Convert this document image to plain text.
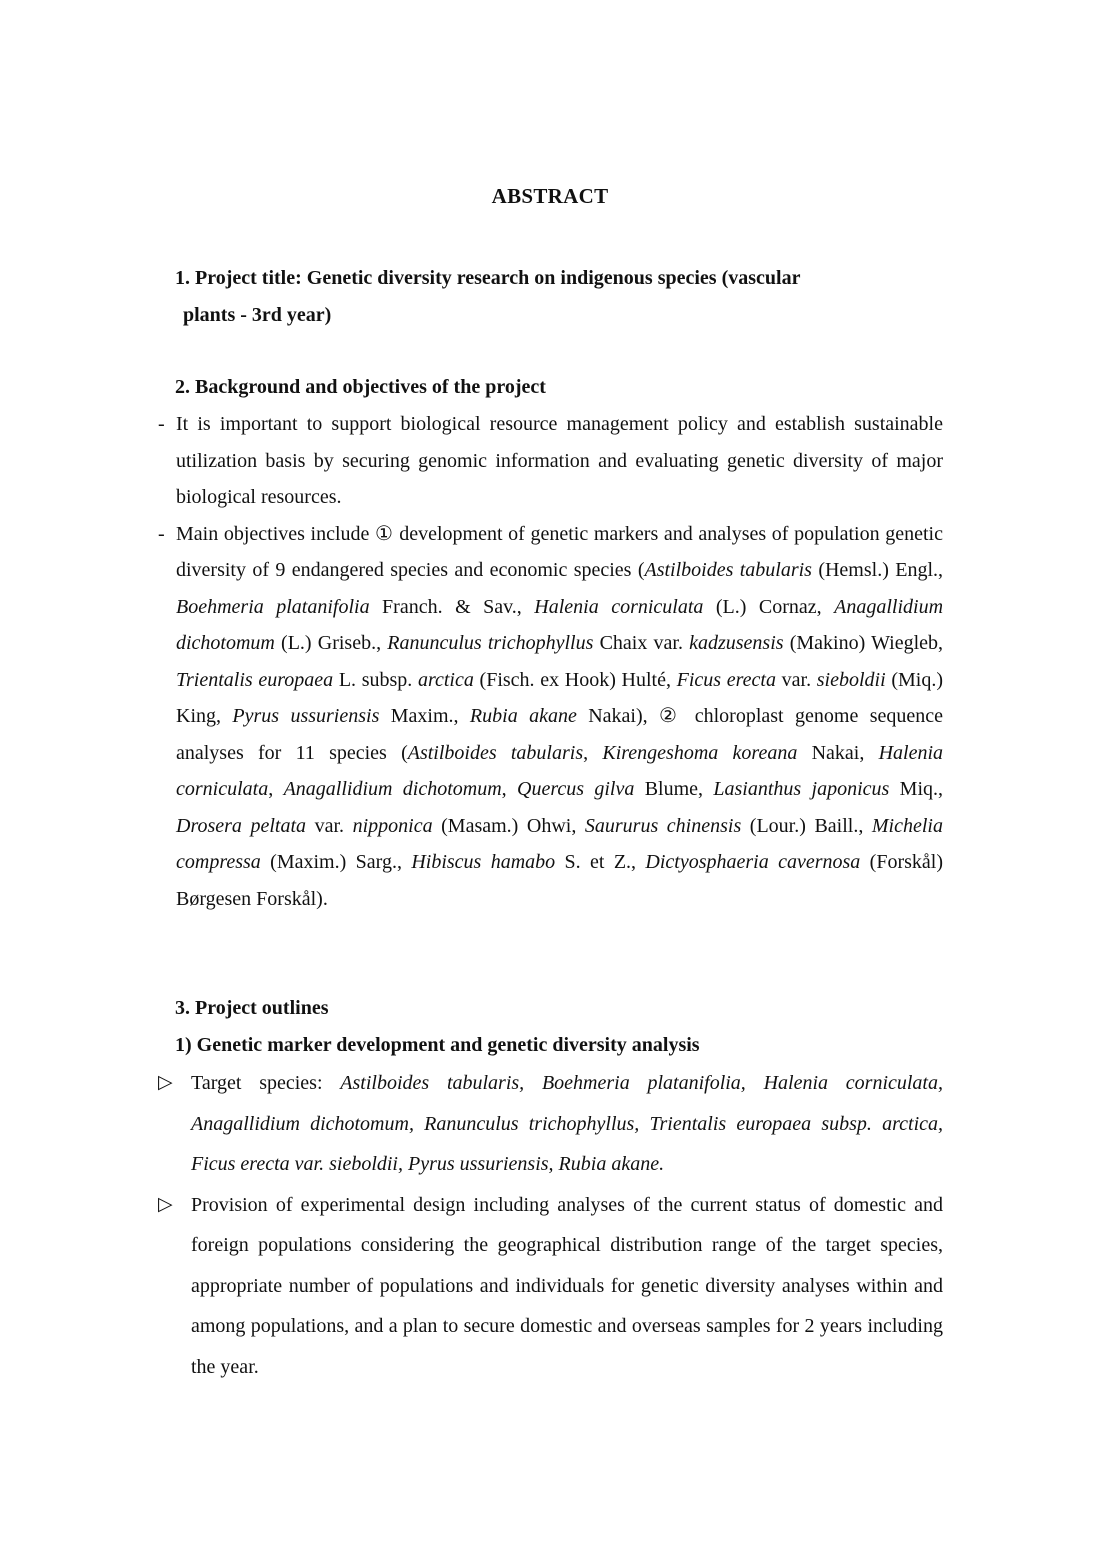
ABSTRACT
1. Project title: Genetic diversity research on indigenous species (vascular
plants - 3rd year)
2. Background and objectives of the project
- It is important to support biological resource management policy and establish sustainable utilization basis by securing genomic information and evaluating genetic diversity of major biological resources.
- Main objectives include ① development of genetic markers and analyses of population genetic diversity of 9 endangered species and economic species (Astilboides tabularis (Hemsl.) Engl., Boehmeria platanifolia Franch. & Sav., Halenia corniculata (L.) Cornaz, Anagallidium dichotomum (L.) Griseb., Ranunculus trichophyllus Chaix var. kadzusensis (Makino) Wiegleb, Trientalis europaea L. subsp. arctica (Fisch. ex Hook) Hulté, Ficus erecta var. sieboldii (Miq.) King, Pyrus ussuriensis Maxim., Rubia akane Nakai), ② chloroplast genome sequence analyses for 11 species (Astilboides tabularis, Kirengeshoma koreana Nakai, Halenia corniculata, Anagallidium dichotomum, Quercus gilva Blume, Lasianthus japonicus Miq., Drosera peltata var. nipponica (Masam.) Ohwi, Saururus chinensis (Lour.) Baill., Michelia compressa (Maxim.) Sarg., Hibiscus hamabo S. et Z., Dictyosphaeria cavernosa (Forskål) Børgesen Forskål).
3. Project outlines
1) Genetic marker development and genetic diversity analysis
▷ Target species: Astilboides tabularis, Boehmeria platanifolia, Halenia corniculata, Anagallidium dichotomum, Ranunculus trichophyllus, Trientalis europaea subsp. arctica, Ficus erecta var. sieboldii, Pyrus ussuriensis, Rubia akane.
▷ Provision of experimental design including analyses of the current status of domestic and foreign populations considering the geographical distribution range of the target species, appropriate number of populations and individuals for genetic diversity analyses within and among populations, and a plan to secure domestic and overseas samples for 2 years including the year.
